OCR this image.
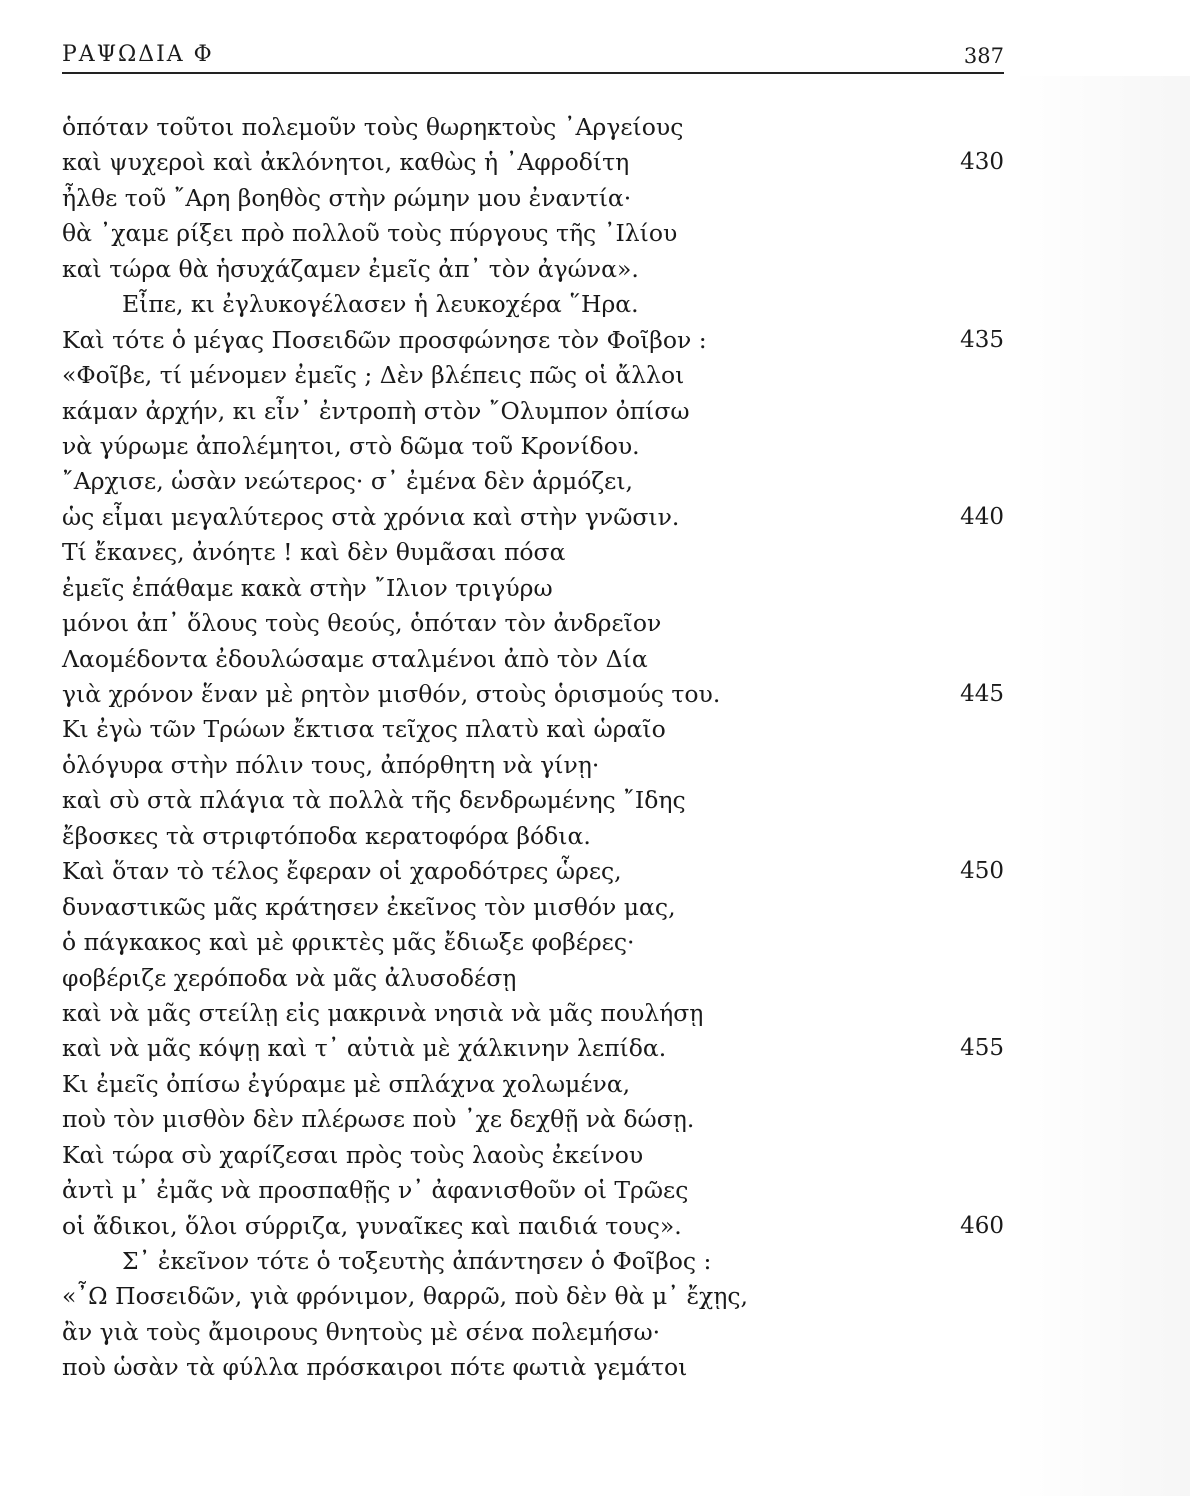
ΡΑΨΩΔΙΑ Φ	387
ὁπόταν τοῦτοι πολεμοῦν τοὺς θωρηκτοὺς ᾿Αργείους
καὶ ψυχεροὶ καὶ ἀκλόνητοι, καθὼς ἡ ᾿Αφροδίτη	430
ἦλθε τοῦ ῎Αρη βοηθὸς στὴν ρώμην μου ἐναντία·
θὰ ᾿χαμε ρίξει πρὸ πολλοῦ τοὺς πύργους τῆς ᾿Ιλίου
καὶ τώρα θὰ ἡσυχάζαμεν ἐμεῖς ἀπ᾿ τὸν ἀγώνα».
Εἶπε, κι ἐγλυκογέλασεν ἡ λευκοχέρα ῞Ηρα.
Καὶ τότε ὁ μέγας Ποσειδῶν προσφώνησε τὸν Φοῖβον :	435
«Φοῖβε, τί μένομεν ἐμεῖς ; Δὲν βλέπεις πῶς οἱ ἄλλοι
κάμαν ἀρχήν, κι εἶν᾿ ἐντροπὴ στὸν ῎Ολυμπον ὀπίσω
νὰ γύρωμε ἀπολέμητοι, στὸ δῶμα τοῦ Κρονίδου.
῎Αρχισε, ὡσὰν νεώτερος· σ᾿ ἐμένα δὲν ἁρμόζει,
ὡς εἶμαι μεγαλύτερος στὰ χρόνια καὶ στὴν γνῶσιν.	440
Τί ἔκανες, ἀνόητε ! καὶ δὲν θυμᾶσαι πόσα
ἐμεῖς ἐπάθαμε κακὰ στὴν ῎Ιλιον τριγύρω
μόνοι ἀπ᾿ ὅλους τοὺς θεούς, ὁπόταν τὸν ἀνδρεῖον
Λαομέδοντα ἐδουλώσαμε σταλμένοι ἀπὸ τὸν Δία
γιὰ χρόνον ἕναν μὲ ρητὸν μισθόν, στοὺς ὁρισμούς του.	445
Κι ἐγὼ τῶν Τρώων ἔκτισα τεῖχος πλατὺ καὶ ὡραῖο
ὁλόγυρα στὴν πόλιν τους, ἀπόρθητη νὰ γίνῃ·
καὶ σὺ στὰ πλάγια τὰ πολλὰ τῆς δενδρωμένης ῎Ιδης
ἔβοσκες τὰ στριφτόποδα κερατοφόρα βόδια.
Καὶ ὅταν τὸ τέλος ἔφεραν οἱ χαροδότρες ὧρες,	450
δυναστικῶς μᾶς κράτησεν ἐκεῖνος τὸν μισθόν μας,
ὁ πάγκακος καὶ μὲ φρικτὲς μᾶς ἔδιωξε φοβέρες·
φοβέριζε χερόποδα νὰ μᾶς ἀλυσοδέσῃ
καὶ νὰ μᾶς στείλῃ εἰς μακρινὰ νησιὰ νὰ μᾶς πουλήσῃ
καὶ νὰ μᾶς κόψῃ καὶ τ᾿ αὐτιὰ μὲ χάλκινην λεπίδα.	455
Κι ἐμεῖς ὀπίσω ἐγύραμε μὲ σπλάχνα χολωμένα,
ποὺ τὸν μισθὸν δὲν πλέρωσε ποὺ ᾿χε δεχθῇ νὰ δώσῃ.
Καὶ τώρα σὺ χαρίζεσαι πρὸς τοὺς λαοὺς ἐκείνου
ἀντὶ μ᾿ ἐμᾶς νὰ προσπαθῇς ν᾿ ἀφανισθοῦν οἱ Τρῶες
οἱ ἄδικοι, ὅλοι σύρριζα, γυναῖκες καὶ παιδιά τους».	460
Σ᾿ ἐκεῖνον τότε ὁ τοξευτὴς ἀπάντησεν ὁ Φοῖβος :
«῏Ω Ποσειδῶν, γιὰ φρόνιμον, θαρρῶ, ποὺ δὲν θὰ μ᾿ ἔχῃς,
ἂν γιὰ τοὺς ἄμοιρους θνητοὺς μὲ σένα πολεμήσω·
ποὺ ὡσὰν τὰ φύλλα πρόσκαιροι πότε φωτιὰ γεμάτοι
